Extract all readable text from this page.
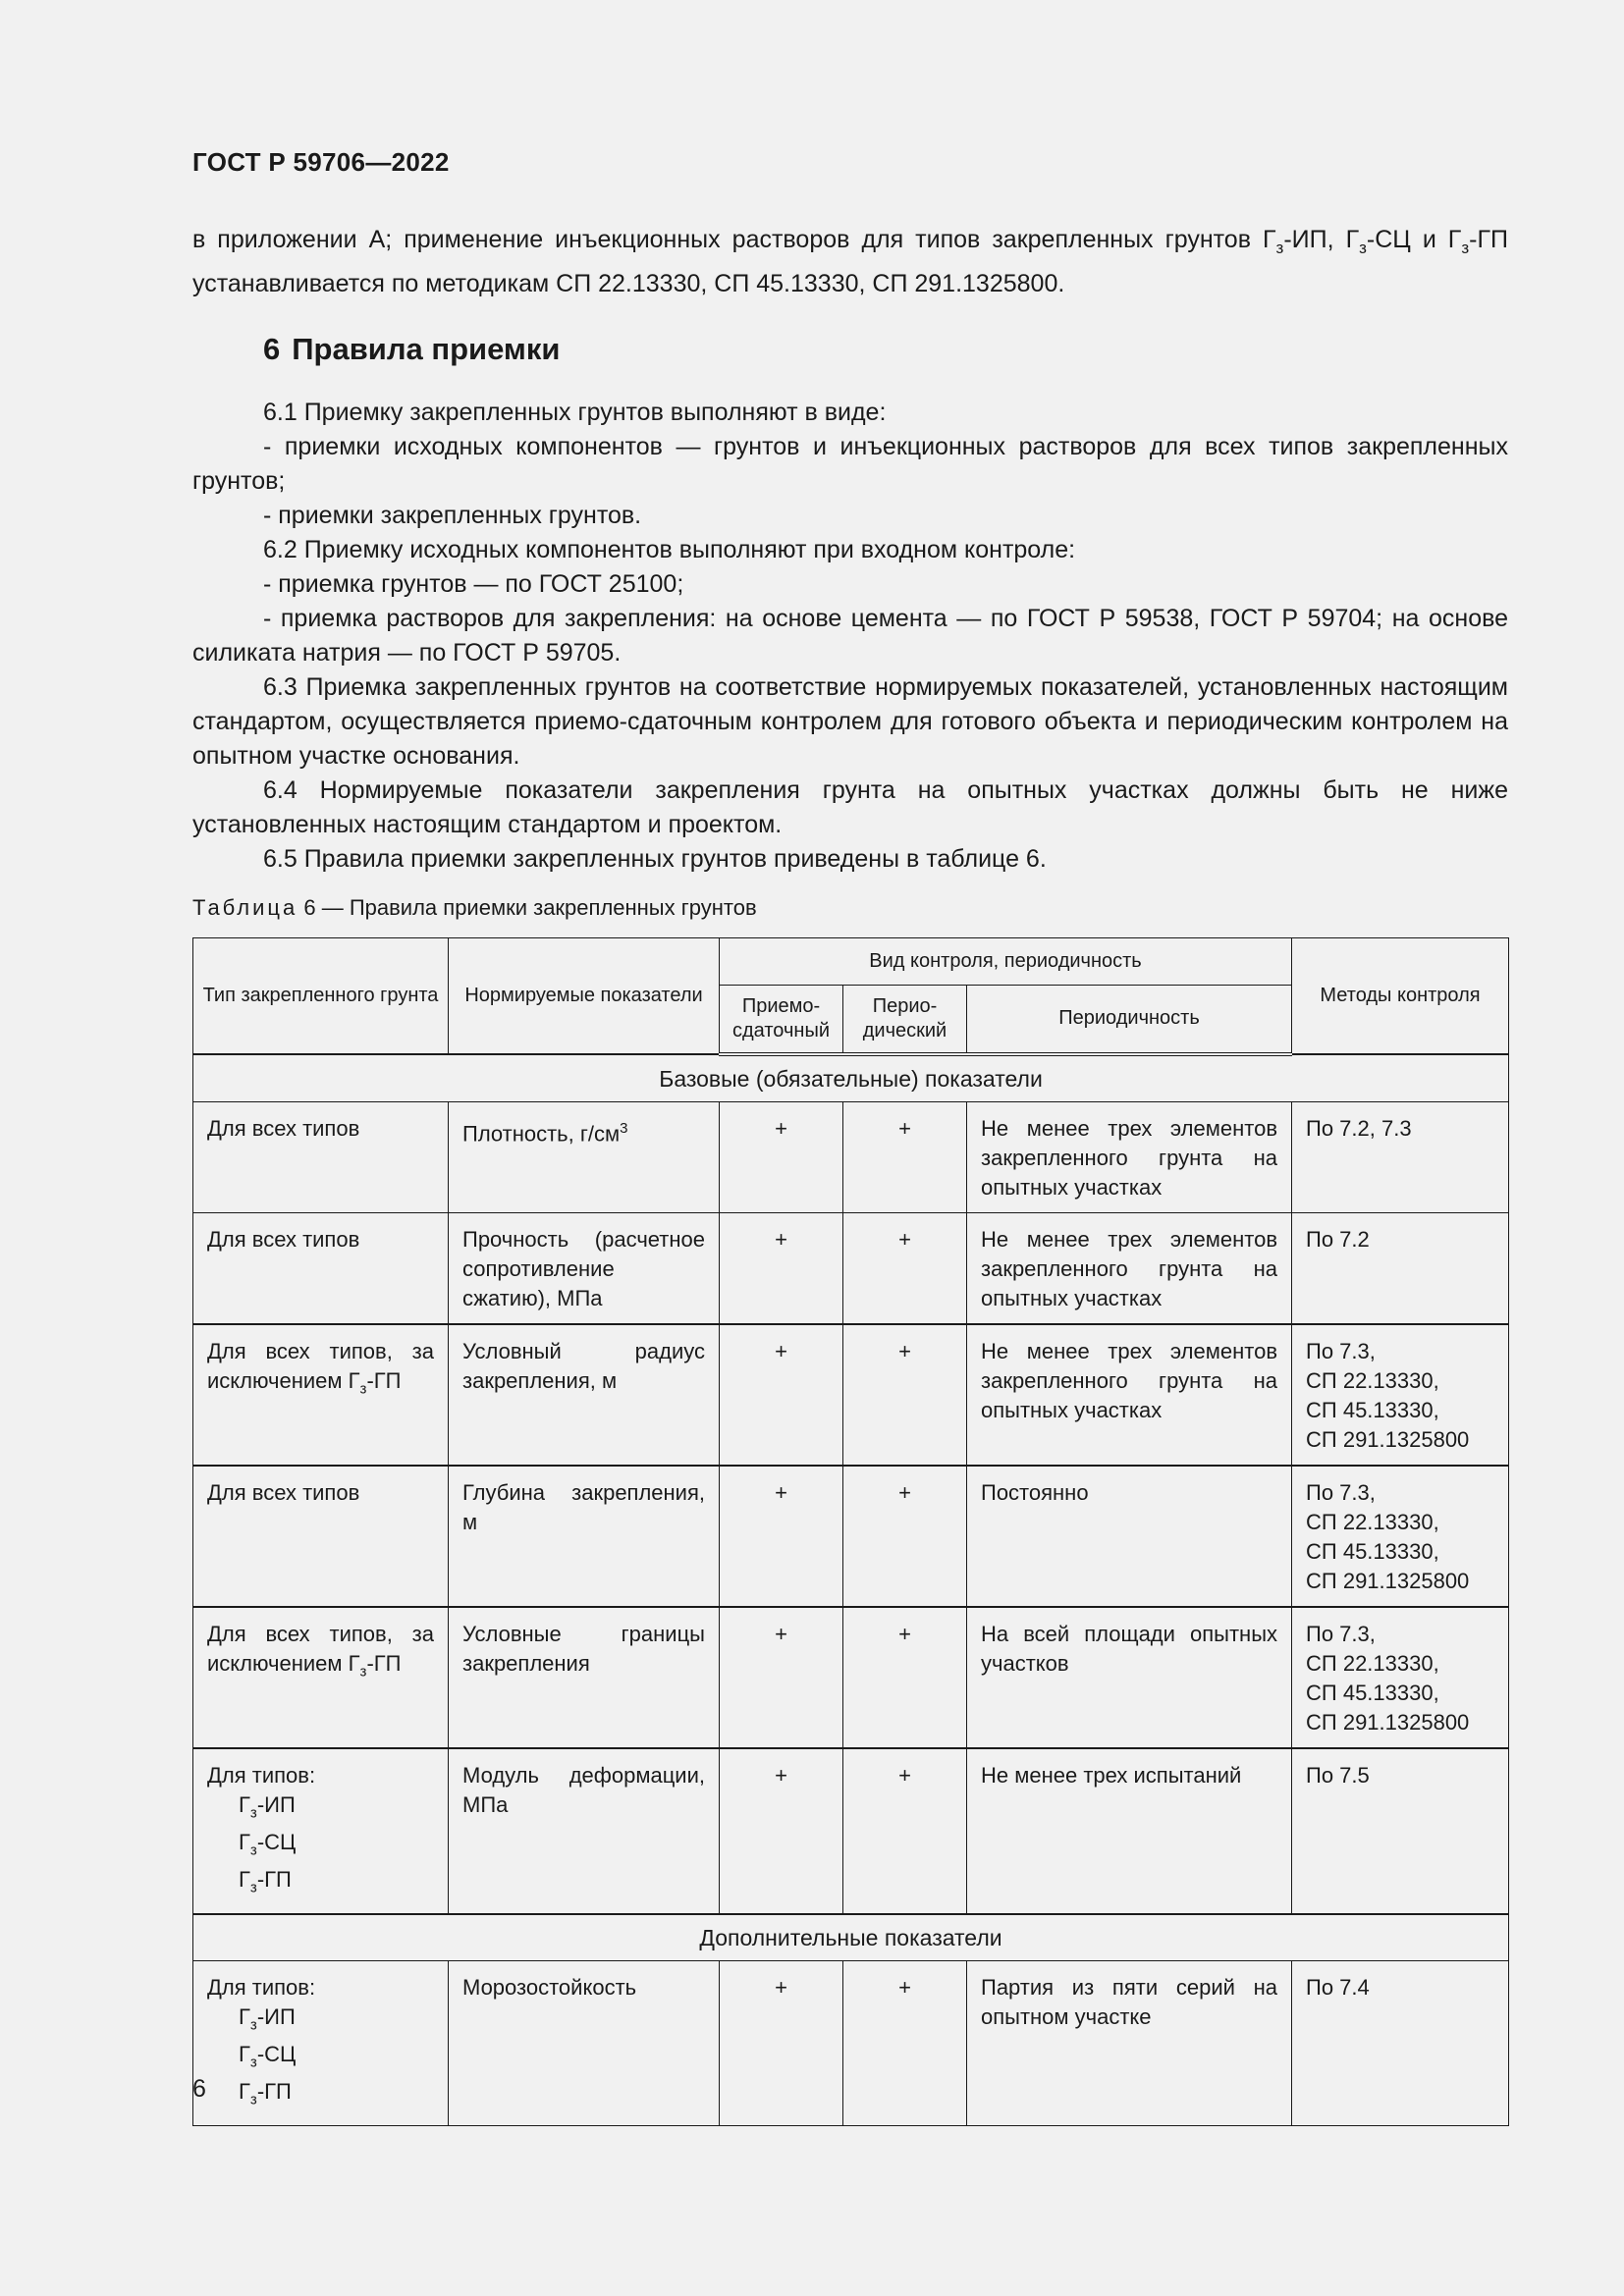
ГОСТ Р 59706—2022
в приложении А; применение инъекционных растворов для типов закрепленных грунтов $Г_з-ИП$, $Г_з-СЦ$ и $Г_з-ГП$ устанавливается по методикам СП 22.13330, СП 45.13330, СП 291.1325800.
6 Правила приемки

6.1 Приемку закрепленных грунтов выполняют в виде:

- приемки исходных компонентов — грунтов и инъекционных растворов для всех типов закрепленных грунтов;

- приемки закрепленных грунтов.

6.2 Приемку исходных компонентов выполняют при входном контроле:

- приемка грунтов — по ГОСТ 25100;

- приемка растворов для закрепления: на основе цемента — по ГОСТ Р 59538, ГОСТ Р 59704; на основе силиката натрия — по ГОСТ Р 59705.

6.3 Приемка закрепленных грунтов на соответствие нормируемых показателей, установленных настоящим стандартом, осуществляется приемо-сдаточным контролем для готового объекта и периодическим контролем на опытном участке основания.

6.4 Нормируемые показатели закрепления грунта на опытных участках должны быть не ниже установленных настоящим стандартом и проектом.

6.5 Правила приемки закрепленных грунтов приведены в таблице 6.

Таблица 6 — Правила приемки закрепленных грунтов
Тип закрепленного грунта	Нормируемые показатели	Вид контроля, периодичность			Методы контроля
		Приемо-сдаточный	Перио-дический	Периодичность	
Базовые (обязательные) показатели					
Для всех типов	Плотность, $г/см^3$	+	+	Не менее трех элементов закрепленного грунта на опытных участках	По 7.2, 7.3
Для всех типов	Прочность (расчетное сопротивление сжатию), МПа	+	+	Не менее трех элементов закрепленного грунта на опытных участках	По 7.2
Для всех типов, за исключением $Г_з-ГП$	Условный радиус закрепления, м	+	+	Не менее трех элементов закрепленного грунта на опытных участках	По 7.3,
СП 22.13330,
СП 45.13330,
СП 291.1325800

Для всех типов	Глубина закрепления, м	+	+	Постоянно	По 7.3,
СП 22.13330,
СП 45.13330,
СП 291.1325800

Для всех типов, за исключением $Г_з-ГП$	Условные границы закрепления	+	+	На всей площади опытных участков	По 7.3,
СП 22.13330,
СП 45.13330,
СП 291.1325800

Для типов:
$Г_з-ИП$
$Г_з-СЦ$
$Г_з-ГП$	Модуль деформации, МПа	+	+	Не менее трех испытаний	По 7.5
Дополнительные показатели					

Для типов:
$Г_з-ИП$
$Г_з-СЦ$
$Г_з-ГП$	Морозостойкость	+	+	Партия из пяти серий на опытном участке	По 7.4
6
